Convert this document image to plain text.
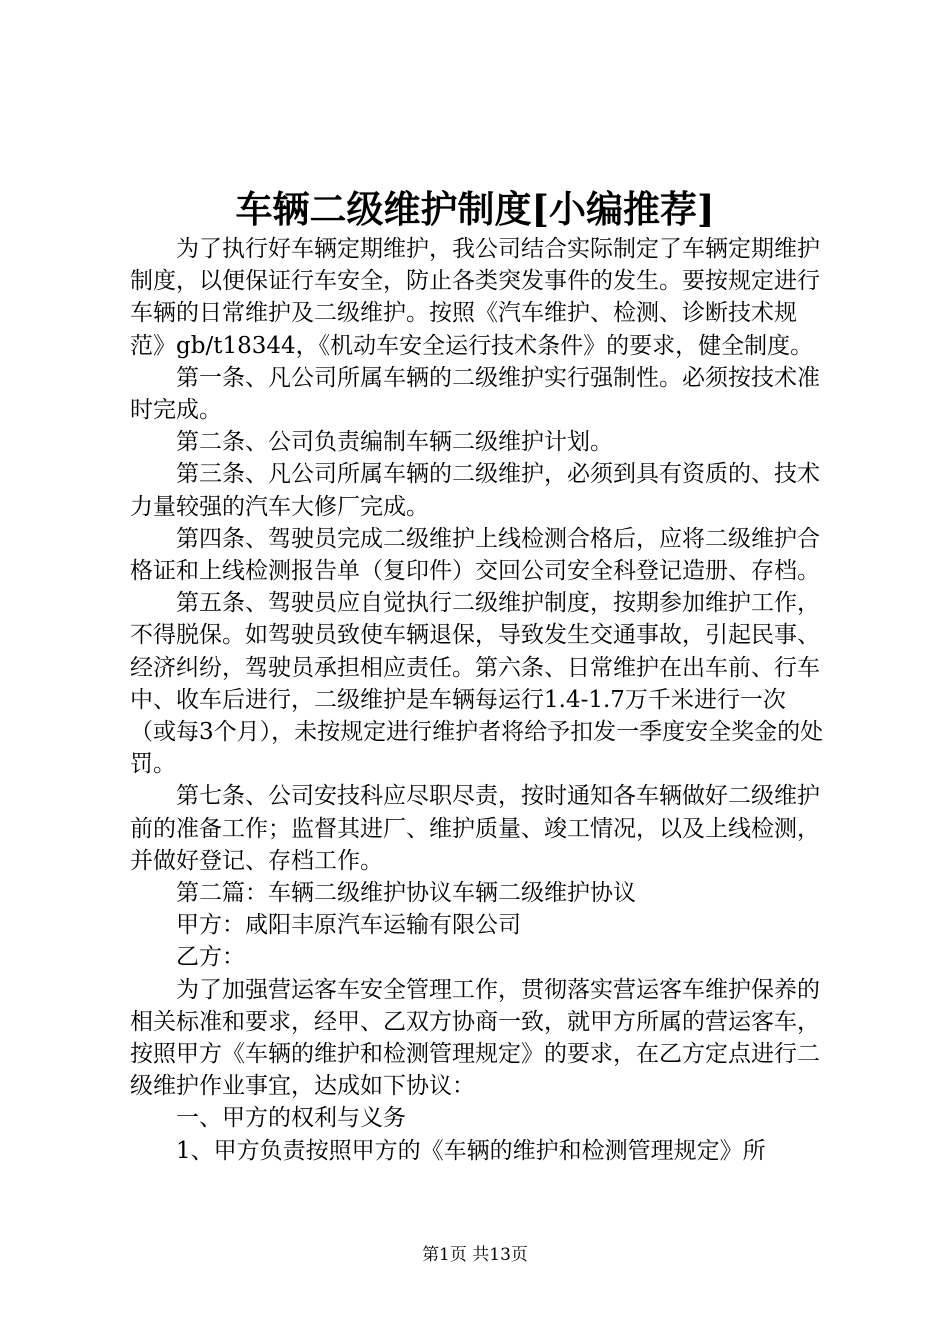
车辆二级维护制度[小编推荐]

为了执行好车辆定期维护，我公司结合实际制定了车辆定期维护制度，以便保证行车安全，防止各类突发事件的发生。要按规定进行车辆的日常维护及二级维护。按照《汽车维护、检测、诊断技术规范》gb/t18344，《机动车安全运行技术条件》的要求，健全制度。

第一条、凡公司所属车辆的二级维护实行强制性。必须按技术准时完成。

第二条、公司负责编制车辆二级维护计划。

第三条、凡公司所属车辆的二级维护，必须到具有资质的、技术力量较强的汽车大修厂完成。

第四条、驾驶员完成二级维护上线检测合格后，应将二级维护合格证和上线检测报告单（复印件）交回公司安全科登记造册、存档。

第五条、驾驶员应自觉执行二级维护制度，按期参加维护工作，不得脱保。如驾驶员致使车辆退保，导致发生交通事故，引起民事、经济纠纷，驾驶员承担相应责任。第六条、日常维护在出车前、行车中、收车后进行，二级维护是车辆每运行1.4-1.7万千米进行一次（或每3个月），未按规定进行维护者将给予扣发一季度安全奖金的处罚。

第七条、公司安技科应尽职尽责，按时通知各车辆做好二级维护前的准备工作；监督其进厂、维护质量、竣工情况，以及上线检测，并做好登记、存档工作。

第二篇：车辆二级维护协议车辆二级维护协议

甲方：咸阳丰原汽车运输有限公司

乙方：

为了加强营运客车安全管理工作，贯彻落实营运客车维护保养的相关标准和要求，经甲、乙双方协商一致，就甲方所属的营运客车，按照甲方《车辆的维护和检测管理规定》的要求，在乙方定点进行二级维护作业事宜，达成如下协议：

一、甲方的权利与义务

1、甲方负责按照甲方的《车辆的维护和检测管理规定》所

第1页 共13页
